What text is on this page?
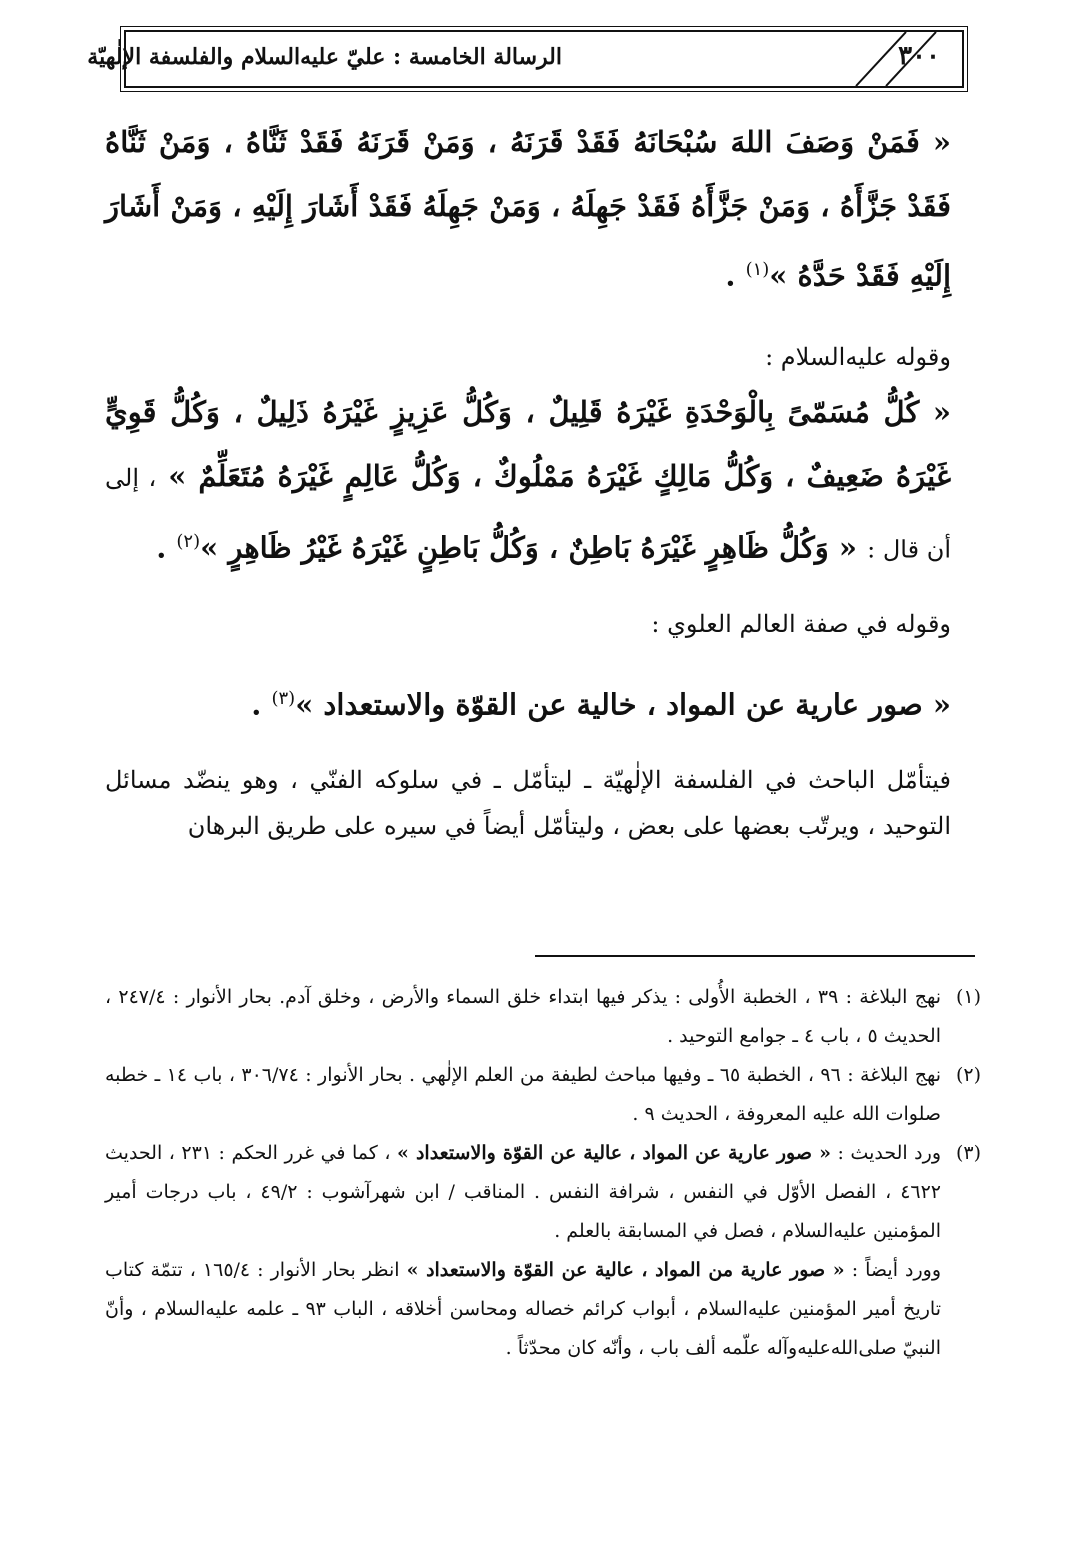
٣٠٠
الرسالة الخامسة : عليّ عليه‌السلام والفلسفة الإلٰهيّة

« فَمَنْ وَصَفَ اللهَ سُبْحَانَهُ فَقَدْ قَرَنَهُ ، وَمَنْ قَرَنَهُ فَقَدْ ثَنَّاهُ ، وَمَنْ ثَنَّاهُ فَقَدْ جَزَّأَهُ ، وَمَنْ جَزَّأَهُ فَقَدْ جَهِلَهُ ، وَمَنْ جَهِلَهُ فَقَدْ أَشَارَ إِلَيْهِ ، وَمَنْ أَشَارَ إِلَيْهِ فَقَدْ حَدَّهُ »$^{(١)}$ .

وقوله عليه‌السلام :

« كُلُّ مُسَمّىً بِالْوَحْدَةِ غَيْرَهُ قَلِيلٌ ، وَكُلُّ عَزِيزٍ غَيْرَهُ ذَلِيلٌ ، وَكُلُّ قَوِيٍّ غَيْرَهُ ضَعِيفٌ ، وَكُلُّ مَالِكٍ غَيْرَهُ مَمْلُوكٌ ، وَكُلُّ عَالِمٍ غَيْرَهُ مُتَعَلِّمٌ » ، إلى أن قال : « وَكُلُّ ظَاهِرٍ غَيْرَهُ بَاطِنٌ ، وَكُلُّ بَاطِنٍ غَيْرَهُ غَيْرُ ظَاهِرٍ »$^{(٢)}$ .

وقوله في صفة العالم العلوي :

« صور عارية عن المواد ، خالية عن القوّة والاستعداد »$^{(٣)}$ .

فيتأمّل الباحث في الفلسفة الإلٰهيّة ـ ليتأمّل ـ في سلوكه الفنّي ، وهو ينضّد مسائل التوحيد ، ويرتّب بعضها على بعض ، وليتأمّل أيضاً في سيره على طريق البرهان

(١)
نهج البلاغة : ٣٩ ، الخطبة الأُولى : يذكر فيها ابتداء خلق السماء والأرض ، وخلق آدم. بحار الأنوار : ٢٤٧/٤ ، الحديث ٥ ، باب ٤ ـ جوامع التوحيد .

(٢)
نهج البلاغة : ٩٦ ، الخطبة ٦٥ ـ وفيها مباحث لطيفة من العلم الإلٰهي . بحار الأنوار : ٣٠٦/٧٤ ، باب ١٤ ـ خطبه صلوات الله عليه المعروفة ، الحديث ٩ .

(٣)
ورد الحديث : « صور عارية عن المواد ، عالية عن القوّة والاستعداد » ، كما في غرر الحكم : ٢٣١ ، الحديث ٤٦٢٢ ، الفصل الأوّل في النفس ، شرافة النفس . المناقب / ابن شهرآشوب : ٤٩/٢ ، باب درجات أمير المؤمنين عليه‌السلام ، فصل في المسابقة بالعلم .
وورد أيضاً : « صور عارية من المواد ، عالية عن القوّة والاستعداد » انظر بحار الأنوار : ١٦٥/٤ ، تتمّة كتاب تاريخ أمير المؤمنين عليه‌السلام ، أبواب كرائم خصاله ومحاسن أخلاقه ، الباب ٩٣ ـ علمه عليه‌السلام ، وأنّ النبيّ صلى‌الله‌عليه‌وآله علّمه ألف باب ، وأنّه كان محدّثاً .
